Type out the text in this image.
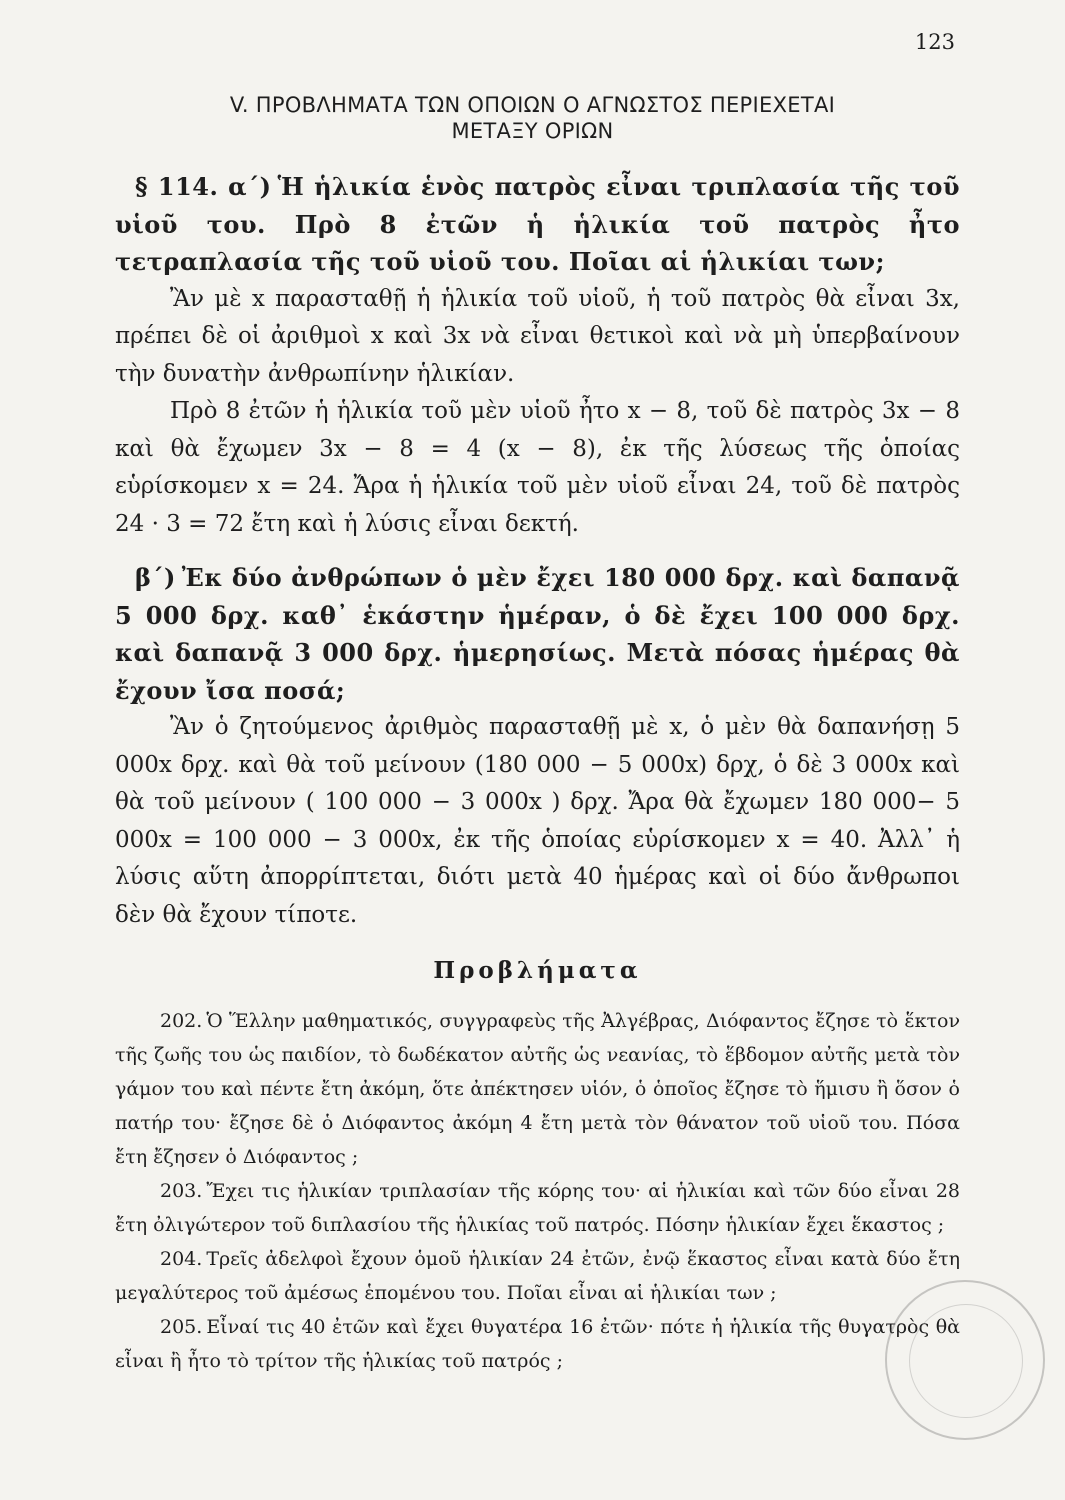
123
V. ΠΡΟΒΛΗΜΑΤΑ ΤΩΝ ΟΠΟΙΩΝ Ο ΑΓΝΩΣΤΟΣ ΠΕΡΙΕΧΕΤΑΙ
ΜΕΤΑΞΥ ΟΡΙΩΝ

§ 114. α΄) Ἡ ἡλικία ἑνὸς πατρὸς εἶναι τριπλασία τῆς τοῦ υἱοῦ του. Πρὸ 8 ἐτῶν ἡ ἡλικία τοῦ πατρὸς ἦτο τετραπλασία τῆς τοῦ υἱοῦ του. Ποῖαι αἱ ἡλικίαι των;

Ἂν μὲ x παρασταθῇ ἡ ἡλικία τοῦ υἱοῦ, ἡ τοῦ πατρὸς θὰ εἶναι 3x, πρέπει δὲ οἱ ἀριθμοὶ x καὶ 3x νὰ εἶναι θετικοὶ καὶ νὰ μὴ ὑπερβαίνουν τὴν δυνατὴν ἀνθρωπίνην ἡλικίαν.

Πρὸ 8 ἐτῶν ἡ ἡλικία τοῦ μὲν υἱοῦ ἦτο x − 8, τοῦ δὲ πατρὸς 3x − 8 καὶ θὰ ἔχωμεν 3x − 8 = 4 (x − 8), ἐκ τῆς λύσεως τῆς ὁποίας εὑρίσκομεν x = 24. Ἄρα ἡ ἡλικία τοῦ μὲν υἱοῦ εἶναι 24, τοῦ δὲ πατρὸς 24 · 3 = 72 ἔτη καὶ ἡ λύσις εἶναι δεκτή.

β΄) Ἐκ δύο ἀνθρώπων ὁ μὲν ἔχει 180 000 δρχ. καὶ δαπανᾷ 5 000 δρχ. καθ᾽ ἑκάστην ἡμέραν, ὁ δὲ ἔχει 100 000 δρχ. καὶ δαπανᾷ 3 000 δρχ. ἡμερησίως. Μετὰ πόσας ἡμέρας θὰ ἔχουν ἴσα ποσά;

Ἂν ὁ ζητούμενος ἀριθμὸς παρασταθῇ μὲ x, ὁ μὲν θὰ δαπανήσῃ 5 000x δρχ. καὶ θὰ τοῦ μείνουν (180 000 − 5 000x) δρχ, ὁ δὲ 3 000x καὶ θὰ τοῦ μείνουν ( 100 000 − 3 000x ) δρχ. Ἄρα θὰ ἔχωμεν 180 000− 5 000x = 100 000 − 3 000x, ἐκ τῆς ὁποίας εὑρίσκομεν x = 40. Ἀλλ᾽ ἡ λύσις αὕτη ἀπορρίπτεται, διότι μετὰ 40 ἡμέρας καὶ οἱ δύο ἄνθρωποι δὲν θὰ ἔχουν τίποτε.

Προβλήματα

202. Ὁ Ἕλλην μαθηματικός, συγγραφεὺς τῆς Ἀλγέβρας, Διόφαντος ἔζησε τὸ ἕκτον τῆς ζωῆς του ὡς παιδίον, τὸ δωδέκατον αὐτῆς ὡς νεανίας, τὸ ἕβδομον αὐτῆς μετὰ τὸν γάμον του καὶ πέντε ἔτη ἀκόμη, ὅτε ἀπέκτησεν υἱόν, ὁ ὁποῖος ἔζησε τὸ ἥμισυ ἢ ὅσον ὁ πατήρ του· ἔζησε δὲ ὁ Διόφαντος ἀκόμη 4 ἔτη μετὰ τὸν θάνατον τοῦ υἱοῦ του. Πόσα ἔτη ἔζησεν ὁ Διόφαντος ;

203. Ἔχει τις ἡλικίαν τριπλασίαν τῆς κόρης του· αἱ ἡλικίαι καὶ τῶν δύο εἶναι 28 ἔτη ὀλιγώτερον τοῦ διπλασίου τῆς ἡλικίας τοῦ πατρός. Πόσην ἡλικίαν ἔχει ἕκαστος ;

204. Τρεῖς ἀδελφοὶ ἔχουν ὁμοῦ ἡλικίαν 24 ἐτῶν, ἐνῷ ἕκαστος εἶναι κατὰ δύο ἔτη μεγαλύτερος τοῦ ἀμέσως ἑπομένου του. Ποῖαι εἶναι αἱ ἡλικίαι των ;

205. Εἶναί τις 40 ἐτῶν καὶ ἔχει θυγατέρα 16 ἐτῶν· πότε ἡ ἡλικία τῆς θυγατρὸς θὰ εἶναι ἢ ἦτο τὸ τρίτον τῆς ἡλικίας τοῦ πατρός ;
